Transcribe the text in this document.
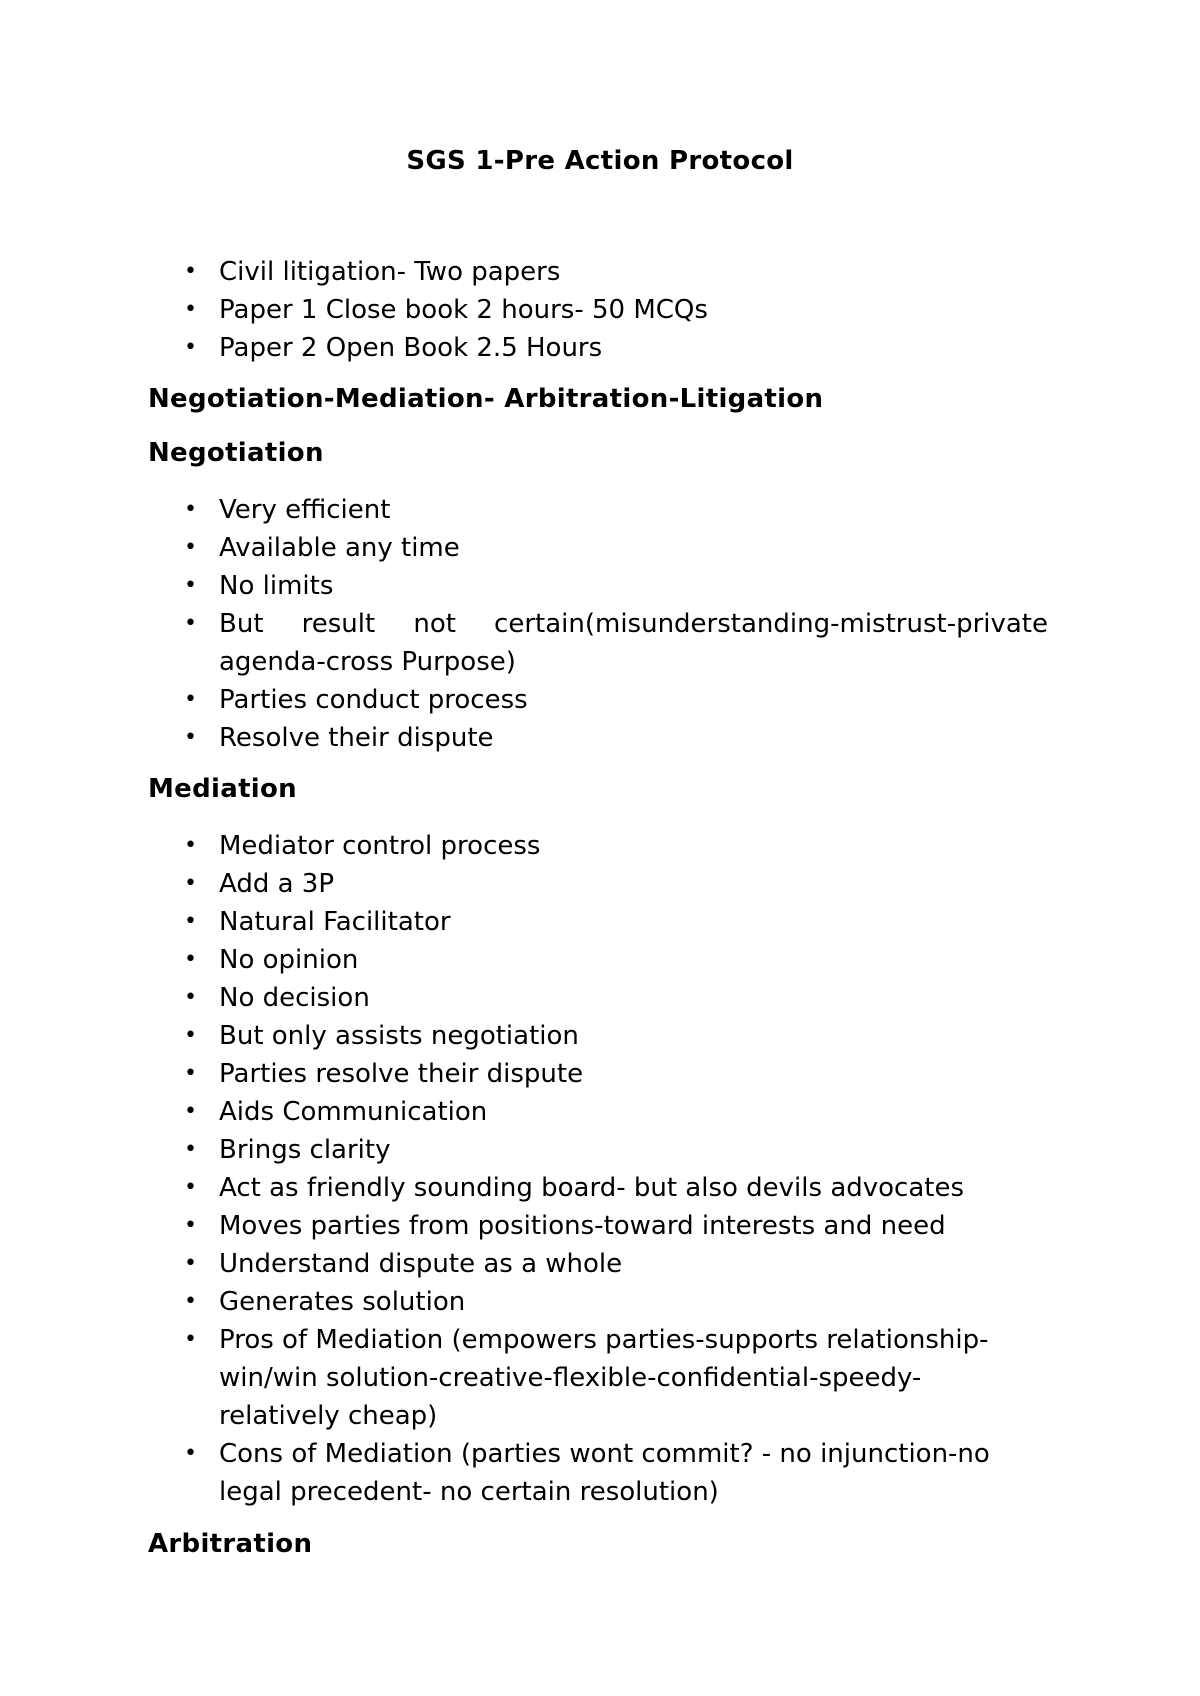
SGS 1-Pre Action Protocol
• Civil litigation- Two papers
• Paper 1 Close book 2 hours- 50 MCQs
• Paper 2 Open Book 2.5 Hours
Negotiation-Mediation- Arbitration-Litigation
Negotiation
• Very efficient
• Available any time
• No limits
• But result not certain(misunderstanding-mistrust-private agenda-cross Purpose)
• Parties conduct process
• Resolve their dispute
Mediation
• Mediator control process
• Add a 3P
• Natural Facilitator
• No opinion
• No decision
• But only assists negotiation
• Parties resolve their dispute
• Aids Communication
• Brings clarity
• Act as friendly sounding board- but also devils advocates
• Moves parties from positions-toward interests and need
• Understand dispute as a whole
• Generates solution
• Pros of Mediation (empowers parties-supports relationship-win/win solution-creative-flexible-confidential-speedy-relatively cheap)
• Cons of Mediation (parties wont commit? - no injunction-no legal precedent- no certain resolution)
Arbitration
